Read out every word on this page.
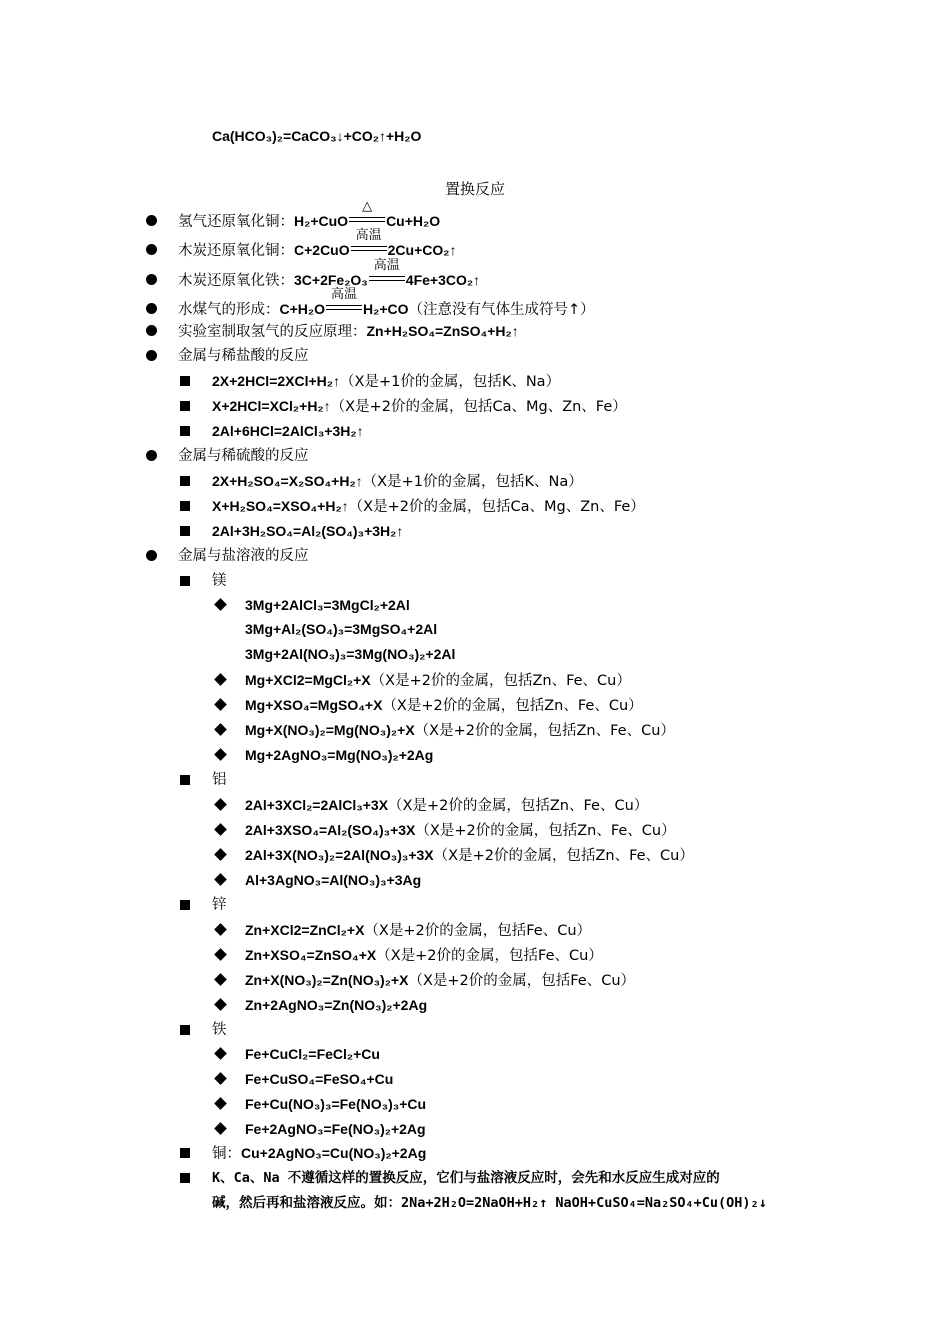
Ca(HCO₃)₂=CaCO₃↓+CO₂↑+H₂O
置换反应
氢气还原氧化铜：H₂+CuO
△
Cu+H₂O
木炭还原氧化铜：C+2CuO
高温
2Cu+CO₂↑
木炭还原氧化铁：3C+2Fe₂O₃
高温
4Fe+3CO₂↑
水煤气的形成：C+H₂O
高温
H₂+CO（注意没有气体生成符号↑）
实验室制取氢气的反应原理：Zn+H₂SO₄=ZnSO₄+H₂↑
金属与稀盐酸的反应
2X+2HCl=2XCl+H₂↑（X是+1价的金属，包括K、Na）
X+2HCl=XCl₂+H₂↑（X是+2价的金属，包括Ca、Mg、Zn、Fe）
2Al+6HCl=2AlCl₃+3H₂↑
金属与稀硫酸的反应
2X+H₂SO₄=X₂SO₄+H₂↑（X是+1价的金属，包括K、Na）
X+H₂SO₄=XSO₄+H₂↑（X是+2价的金属，包括Ca、Mg、Zn、Fe）
2Al+3H₂SO₄=Al₂(SO₄)₃+3H₂↑
金属与盐溶液的反应
镁
3Mg+2AlCl₃=3MgCl₂+2Al
3Mg+Al₂(SO₄)₃=3MgSO₄+2Al
3Mg+2Al(NO₃)₃=3Mg(NO₃)₂+2Al
Mg+XCl2=MgCl₂+X（X是+2价的金属，包括Zn、Fe、Cu）
Mg+XSO₄=MgSO₄+X（X是+2价的金属，包括Zn、Fe、Cu）
Mg+X(NO₃)₂=Mg(NO₃)₂+X（X是+2价的金属，包括Zn、Fe、Cu）
Mg+2AgNO₃=Mg(NO₃)₂+2Ag
铝
2Al+3XCl₂=2AlCl₃+3X（X是+2价的金属，包括Zn、Fe、Cu）
2Al+3XSO₄=Al₂(SO₄)₃+3X（X是+2价的金属，包括Zn、Fe、Cu）
2Al+3X(NO₃)₂=2Al(NO₃)₃+3X（X是+2价的金属，包括Zn、Fe、Cu）
Al+3AgNO₃=Al(NO₃)₃+3Ag
锌
Zn+XCl2=ZnCl₂+X（X是+2价的金属，包括Fe、Cu）
Zn+XSO₄=ZnSO₄+X（X是+2价的金属，包括Fe、Cu）
Zn+X(NO₃)₂=Zn(NO₃)₂+X（X是+2价的金属，包括Fe、Cu）
Zn+2AgNO₃=Zn(NO₃)₂+2Ag
铁
Fe+CuCl₂=FeCl₂+Cu
Fe+CuSO₄=FeSO₄+Cu
Fe+Cu(NO₃)₃=Fe(NO₃)₃+Cu
Fe+2AgNO₃=Fe(NO₃)₂+2Ag
铜：Cu+2AgNO₃=Cu(NO₃)₂+2Ag
K、Ca、Na 不遵循这样的置换反应，它们与盐溶液反应时，会先和水反应生成对应的
碱，然后再和盐溶液反应。如：2Na+2H₂O=2NaOH+H₂↑ NaOH+CuSO₄=Na₂SO₄+Cu(OH)₂↓
